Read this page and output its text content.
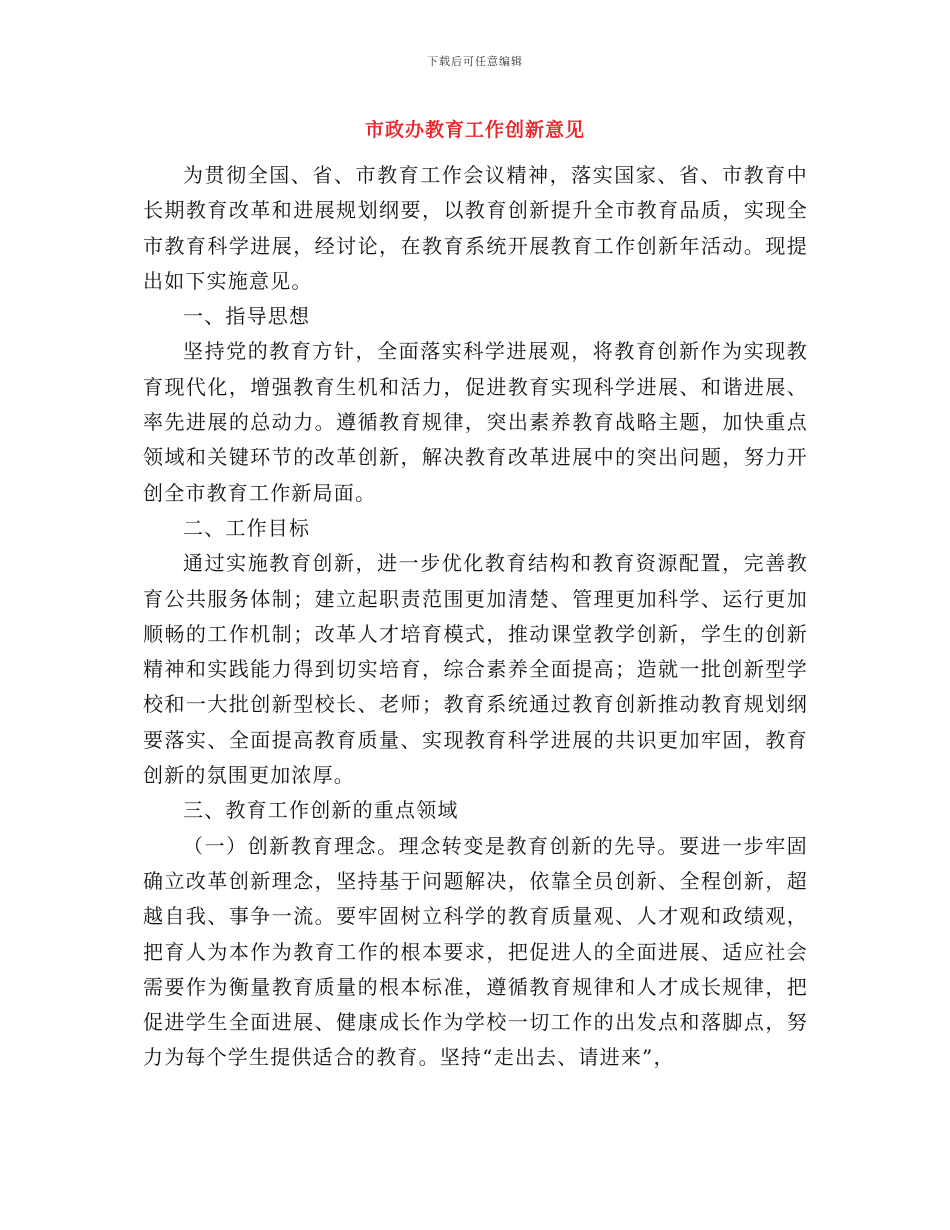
下载后可任意编辑
市政办教育工作创新意见

为贯彻全国、省、市教育工作会议精神，落实国家、省、市教育中长期教育改革和进展规划纲要，以教育创新提升全市教育品质，实现全市教育科学进展，经讨论，在教育系统开展教育工作创新年活动。现提出如下实施意见。

一、指导思想

坚持党的教育方针，全面落实科学进展观，将教育创新作为实现教育现代化，增强教育生机和活力，促进教育实现科学进展、和谐进展、率先进展的总动力。遵循教育规律，突出素养教育战略主题，加快重点领域和关键环节的改革创新，解决教育改革进展中的突出问题，努力开创全市教育工作新局面。

二、工作目标

通过实施教育创新，进一步优化教育结构和教育资源配置，完善教育公共服务体制；建立起职责范围更加清楚、管理更加科学、运行更加顺畅的工作机制；改革人才培育模式，推动课堂教学创新，学生的创新精神和实践能力得到切实培育，综合素养全面提高；造就一批创新型学校和一大批创新型校长、老师；教育系统通过教育创新推动教育规划纲要落实、全面提高教育质量、实现教育科学进展的共识更加牢固，教育创新的氛围更加浓厚。

三、教育工作创新的重点领域

（一）创新教育理念。理念转变是教育创新的先导。要进一步牢固确立改革创新理念，坚持基于问题解决，依靠全员创新、全程创新，超越自我、事争一流。要牢固树立科学的教育质量观、人才观和政绩观，把育人为本作为教育工作的根本要求，把促进人的全面进展、适应社会需要作为衡量教育质量的根本标准，遵循教育规律和人才成长规律，把促进学生全面进展、健康成长作为学校一切工作的出发点和落脚点，努力为每个学生提供适合的教育。坚持“走出去、请进来”，
